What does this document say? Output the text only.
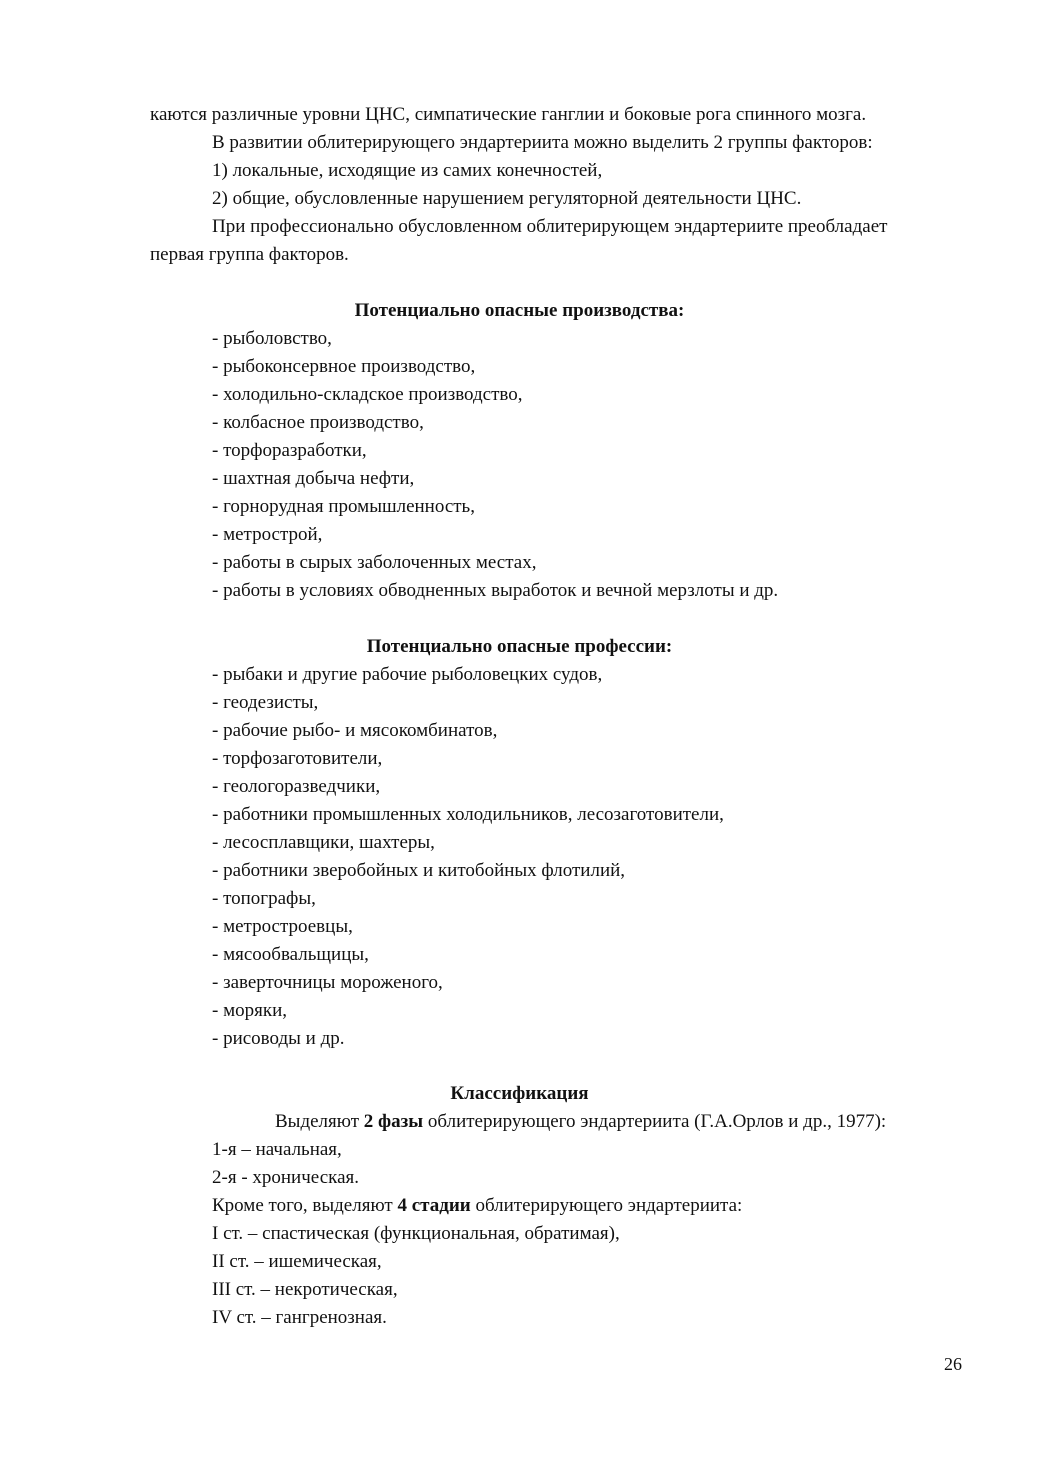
каются различные уровни ЦНС, симпатические ганглии и боковые рога спинного мозга.
В развитии облитерирующего эндартериита можно выделить 2 группы факторов:
1) локальные, исходящие из самих конечностей,
2) общие, обусловленные нарушением регуляторной деятельности ЦНС.
При профессионально обусловленном облитерирующем эндартериите преобладает
первая группа факторов.
Потенциально опасные производства:
- рыболовство,
- рыбоконсервное производство,
- холодильно-складское производство,
- колбасное производство,
- торфоразработки,
- шахтная добыча нефти,
- горнорудная промышленность,
- метрострой,
- работы в сырых заболоченных местах,
- работы в условиях обводненных выработок и вечной мерзлоты и др.
Потенциально опасные профессии:
- рыбаки и другие рабочие рыболовецких судов,
- геодезисты,
- рабочие рыбо- и мясокомбинатов,
- торфозаготовители,
- геологоразведчики,
- работники промышленных холодильников, лесозаготовители,
- лесосплавщики, шахтеры,
- работники зверобойных и китобойных флотилий,
- топографы,
- метростроевцы,
- мясообвальщицы,
- заверточницы мороженого,
- моряки,
- рисоводы и др.
Классификация
Выделяют 2 фазы облитерирующего эндартериита (Г.А.Орлов и др., 1977):
1-я – начальная,
2-я - хроническая.
Кроме того, выделяют 4 стадии облитерирующего эндартериита:
I ст. – спастическая (функциональная, обратимая),
II ст. – ишемическая,
III ст. – некротическая,
IV ст. – гангренозная.
26
